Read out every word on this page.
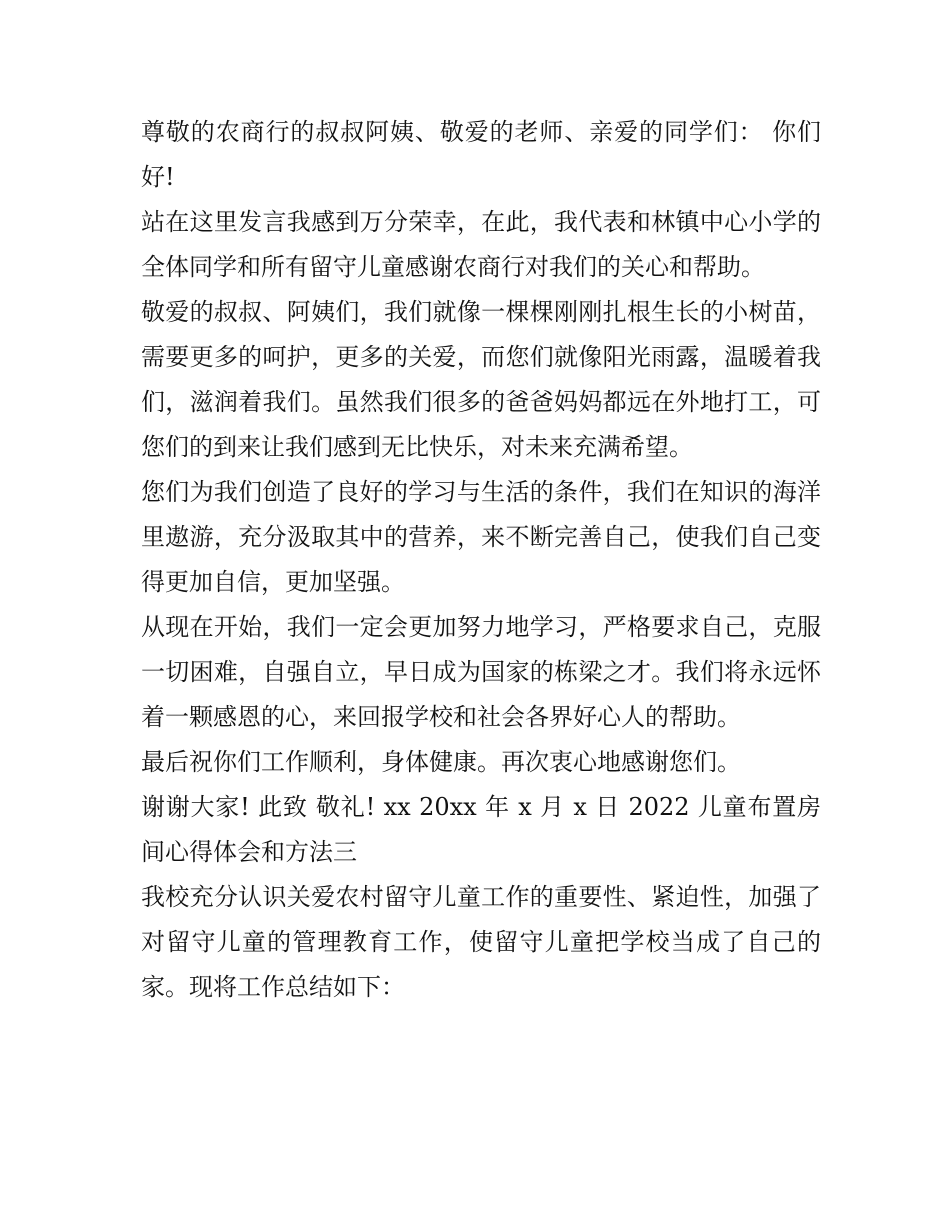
尊敬的农商行的叔叔阿姨、敬爱的老师、亲爱的同学们： 你们好!

站在这里发言我感到万分荣幸，在此，我代表和林镇中心小学的全体同学和所有留守儿童感谢农商行对我们的关心和帮助。

敬爱的叔叔、阿姨们，我们就像一棵棵刚刚扎根生长的小树苗，需要更多的呵护，更多的关爱，而您们就像阳光雨露，温暖着我们，滋润着我们。虽然我们很多的爸爸妈妈都远在外地打工，可您们的到来让我们感到无比快乐，对未来充满希望。

您们为我们创造了良好的学习与生活的条件，我们在知识的海洋里遨游，充分汲取其中的营养，来不断完善自己，使我们自己变得更加自信，更加坚强。

从现在开始，我们一定会更加努力地学习，严格要求自己，克服一切困难，自强自立，早日成为国家的栋梁之才。我们将永远怀着一颗感恩的心，来回报学校和社会各界好心人的帮助。

最后祝你们工作顺利，身体健康。再次衷心地感谢您们。

谢谢大家! 此致 敬礼! xx 20xx 年 x 月 x 日 2022 儿童布置房间心得体会和方法三

我校充分认识关爱农村留守儿童工作的重要性、紧迫性，加强了对留守儿童的管理教育工作，使留守儿童把学校当成了自己的家。现将工作总结如下：
